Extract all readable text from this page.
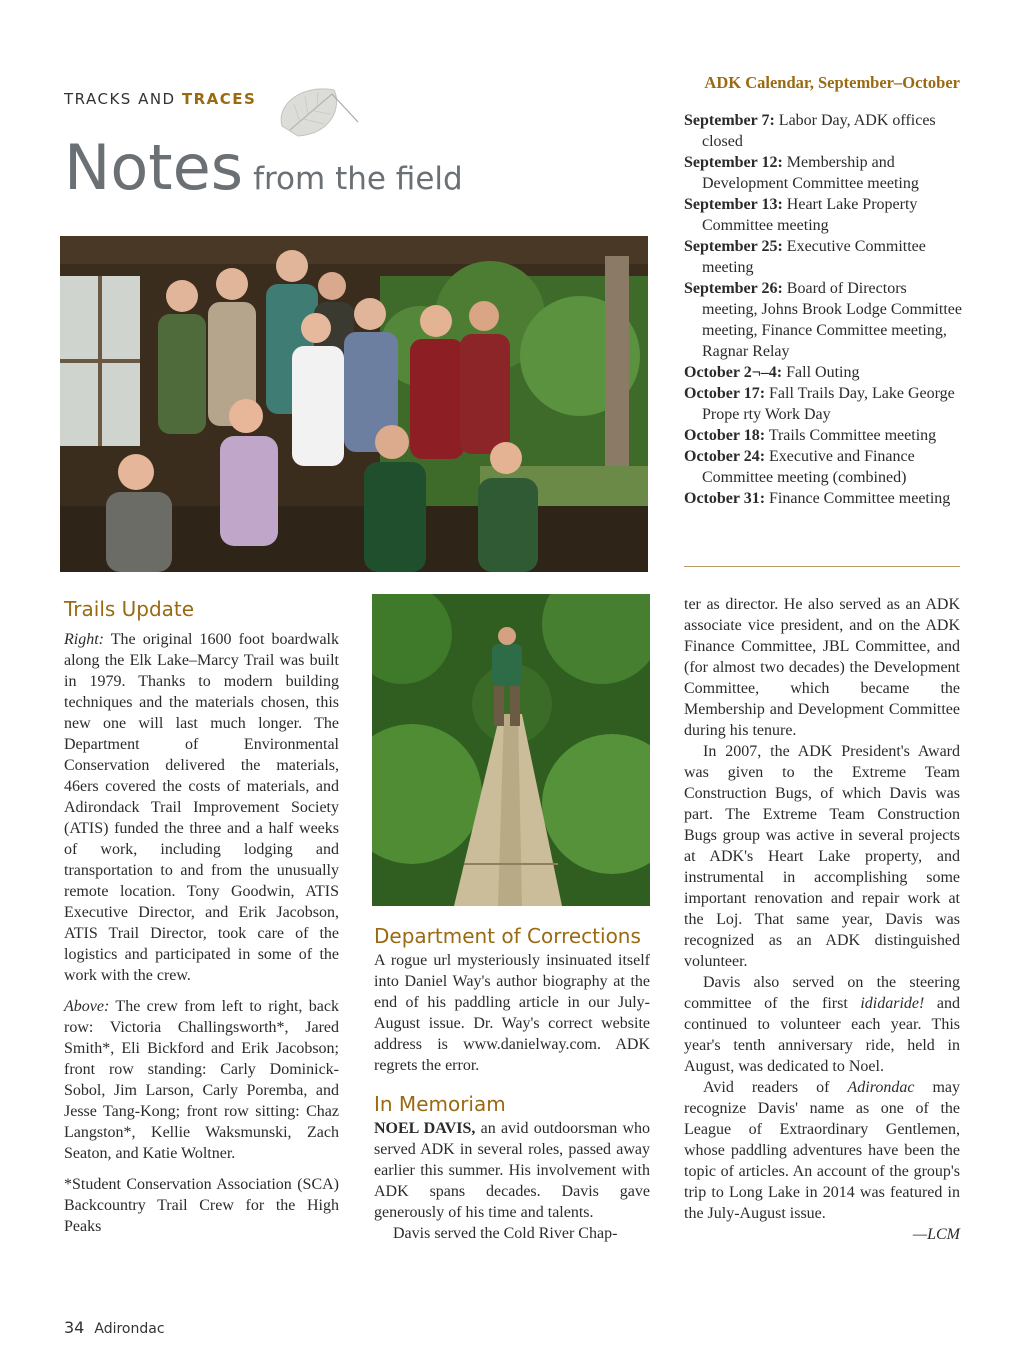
TRACKS AND TRACES

Notes from the field
ADK Calendar, September–October
September 7: Labor Day, ADK offices closed
September 12: Membership and Development Committee meeting
September 13: Heart Lake Property Committee meeting
September 25: Executive Committee meeting
September 26: Board of Directors meeting, Johns Brook Lodge Committee meeting, Finance Committee meeting, Ragnar Relay
October 2¬–4: Fall Outing
October 17: Fall Trails Day, Lake George Prope rty Work Day
October 18: Trails Committee meeting
October 24: Executive and Finance Committee meeting (combined)
October 31: Finance Committee meeting
Trails Update

Right: The original 1600 foot boardwalk along the Elk Lake–Marcy Trail was built in 1979. Thanks to modern building techniques and the materials chosen, this new one will last much longer. The Department of Environmental Conservation delivered the materials, 46ers covered the costs of materials, and Adirondack Trail Improvement Society (ATIS) funded the three and a half weeks of work, including lodging and transportation to and from the unusually remote location. Tony Goodwin, ATIS Executive Director, and Erik Jacobson, ATIS Trail Director, took care of the logistics and participated in some of the work with the crew.

Above: The crew from left to right, back row: Victoria Challingsworth*, Jared Smith*, Eli Bickford and Erik Jacobson; front row standing: Carly Dominick-Sobol, Jim Larson, Carly Poremba, and Jesse Tang-Kong; front row sitting: Chaz Langston*, Kellie Waksmunski, Zach Seaton, and Katie Woltner.

*Student Conservation Association (SCA) Backcountry Trail Crew for the High Peaks

Department of Corrections

A rogue url mysteriously insinuated itself into Daniel Way's author biography at the end of his paddling article in our July-August issue. Dr. Way's correct website address is www.danielway.com. ADK regrets the error.

In Memoriam

NOEL DAVIS, an avid outdoorsman who served ADK in several roles, passed away earlier this summer. His involvement with ADK spans decades. Davis gave generously of his time and talents.

Davis served the Cold River Chap-

ter as director. He also served as an ADK associate vice president, and on the ADK Finance Committee, JBL Committee, and (for almost two decades) the Development Committee, which became the Membership and Development Committee during his tenure.

In 2007, the ADK President's Award was given to the Extreme Team Construction Bugs, of which Davis was part. The Extreme Team Construction Bugs group was active in several projects at ADK's Heart Lake property, and instrumental in accomplishing some important renovation and repair work at the Loj. That same year, Davis was recognized as an ADK distinguished volunteer.

Davis also served on the steering committee of the first ididaride! and continued to volunteer each year. This year's tenth anniversary ride, held in August, was dedicated to Noel.

Avid readers of Adirondac may recognize Davis' name as one of the League of Extraordinary Gentlemen, whose paddling adventures have been the topic of articles. An account of the group's trip to Long Lake in 2014 was featured in the July-August issue.

—LCM

34 Adirondac
